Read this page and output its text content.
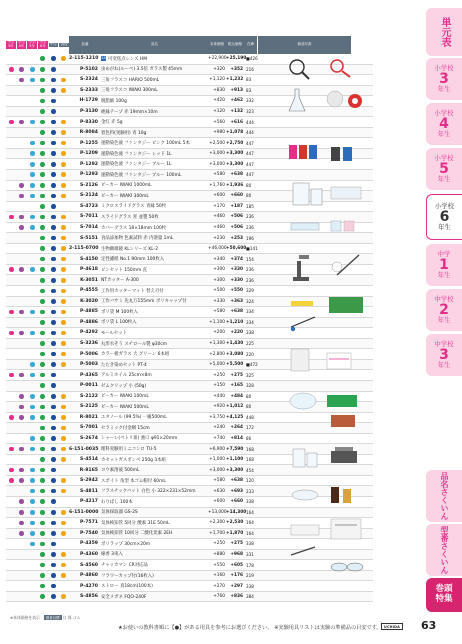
小学
3年
小学
4年
小学
5年
小学
6年	中学	高校	品番	品名	本体価格	税込価格	在庫	商品写真
2-115-1210 14 可変焦点レンズ HM	+22,900 +25,190 ■426
P-5102 虫めがね(ルーペ) 3.5倍 ガラス製 45mm	+320	+352 216
S-2324 三角フラスコ HARIO 500mL	+1,120 +1,232 83
S-2333 三角フラスコ IWAKI 300mL	+830	+913 83
H-1729 脱脂綿 100g	+420	+462 332
P-3130 絶縁テープ 赤 19mm×10m	+120	+132 323
P-8330 金紅 赤 5g	+560	+616 444
R-8084 着色料(実験用) 青 10g	+980 +1,078 444
P-1255 運動染色液 ファンタジー ピンク 100mL 5本	+2,500 +2,750 447
P-1209 運動染色液 ファンタジー レッド 1L	+3,000 +3,300 447
P-1292 運動染色液 ファンタジー ブルー 1L	+3,000 +3,300 447
P-1293 運動染色液 ファンタジー ブルー 100mL	+580	+638 447
S-2126 ビーカー IWAKI 1000mL	+1,760 +1,936 80
S-2124 ビーカー IWAKI 300mL	+600	+660 80
S-4723 ミクロスライドグラス 青縁 50枚	+170	+187 185
S-7011 スライドグラス 青 並製 50枚	+460	+506 236
S-7014 カバーグラス 18×18mm 100枚	+460	+506 236
S-5151 食品添加物 色素試料 赤 内溶量 1mL	+230	+253 196
2-115-0700 生物顕微鏡 KLシリーズ KL-2	+46,000 +50,600 ■141
S-4150 定性濾紙 No.1 90mm 100枚入	+340	+374 154
P-4618 ピンセット 150mm 直	+300	+330 236
K-3051 NTカッター A-300	+300	+330 236
P-4555 工作用カッターマット 替え刃付	+500	+550 329
K-3020 工作バサミ 先丸万155mm ポリキャップ付	+330	+363 324
P-4885 ポリ袋 M 100枚入	+580	+638 334
P-4886 ポリ袋 L 100枚入	+1,100 +1,210 334
P-4292 モールセット	+200	+220 338
S-3236 丸形水そう スチロール製 φ30cm	+1,300 +1,430 225
P-5006 カラー板ガラス 大 グリーン 6本組	+2,800 +3,080 220
P-5003 たたき染めセット PT-4	+5,000 +5,500 ■472
P-4365 アルミホイル 25cm×8m	+250	+275 325
P-0011 ゼムクリップ 小 (50g)	+150	+165 328
S-2122 ビーカー IWAKI 100mL	+440	+484 80
S-2125 ビーカー IWAKI 500mL	+920 +1,012 80
R-8021 エタノール (99.5%) 一級500mL	+3,750 +4,125 448
S-7001 セラミック付金網 15cm	+240	+264 172
S-2674 シャーレ(ペトリ皿) 強口 φ91×20mm	+740	+814 86
6-151-0035 理科実験用ミニコンロ TU-5	+6,900 +7,590 168
S-4514 カセットガスボンベ 250g 3本組	+1,000 +1,100 168
R-8165 ヨウ素溶液 500mL	+3,000 +3,300 454
S-2942 スポイト 角型 本ゴム帽付 60mL	+580	+638 120
S-4811 フラスチックバット 白色 小 322×231×52mm	+630	+693 233
P-4217 わりばし 100本	+600	+660 338
6-151-0000 気体採取器 GS-2S	+13,000 +14,300 164
P-7571 気体検知管 5回分 酸素 31E 50mL	+2,300 +2,530 164
P-7540 気体検知管 10回分 二酸化炭素 2EH	+1,700 +1,870 164
P-4359 ポリラップ 30cm×20m	+250	+275 338
P-4360 線香 3束入	+880	+968 331
S-4560 チャッカマン CR対応品	+550	+605 178
P-4860 フラワーカップ付(16枚入)	+160	+176 219
P-4270 ストロー 真18cm(100本)	+270	+297 338
S-4856 安全メガネ FQO-240F	+760	+836 384
単元表
小学校
3
年生
小学校
4
年生
小学校
5
年生
小学校
6
年生
中学
1
年生
中学校
2
年生
中学校
3
年生
品名さくいん
型番さくいん
巻頭特集
※本体価格を表示 教育目標 は 保 ゴム
★お使いの教科書順に【●】がある用具を参考にお選びください。 ※実験用具リストは実験の準備品の目安です。 UCHIDA 63
